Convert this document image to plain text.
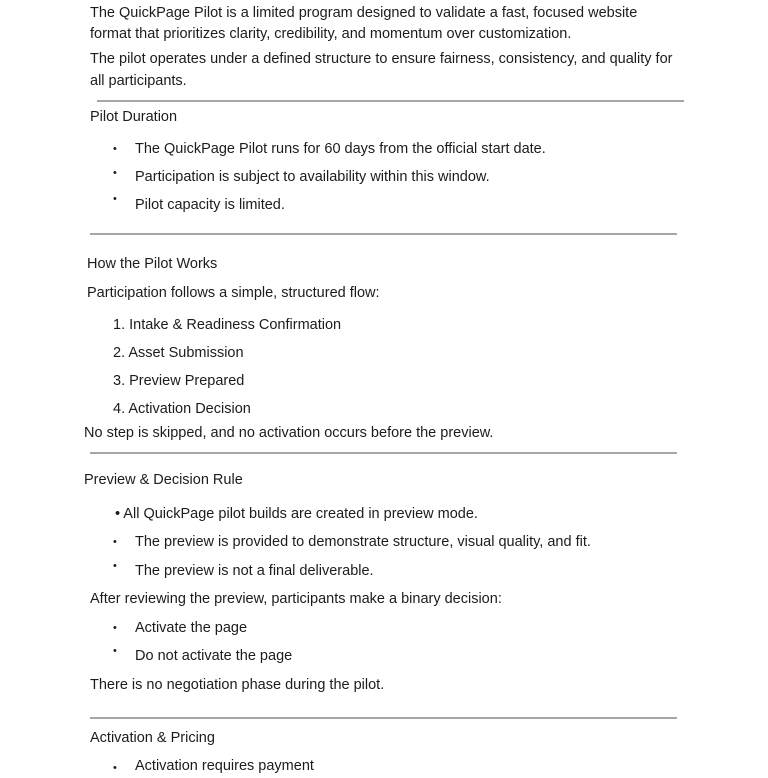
The QuickPage Pilot is a limited program designed to validate a fast, focused website
format that prioritizes clarity, credibility, and momentum over customization.
The pilot operates under a defined structure to ensure fairness, consistency, and quality for
all participants.
Pilot Duration
• The QuickPage Pilot runs for 60 days from the official start date.
• Participation is subject to availability within this window.
• Pilot capacity is limited.
How the Pilot Works
Participation follows a simple, structured flow:
1. Intake & Readiness Confirmation
2. Asset Submission
3. Preview Prepared
4. Activation Decision
No step is skipped, and no activation occurs before the preview.
Preview & Decision Rule
• All QuickPage pilot builds are created in preview mode.
• The preview is provided to demonstrate structure, visual quality, and fit.
• The preview is not a final deliverable.
After reviewing the preview, participants make a binary decision:
• Activate the page
• Do not activate the page
There is no negotiation phase during the pilot.
Activation & Pricing
• Activation requires payment
